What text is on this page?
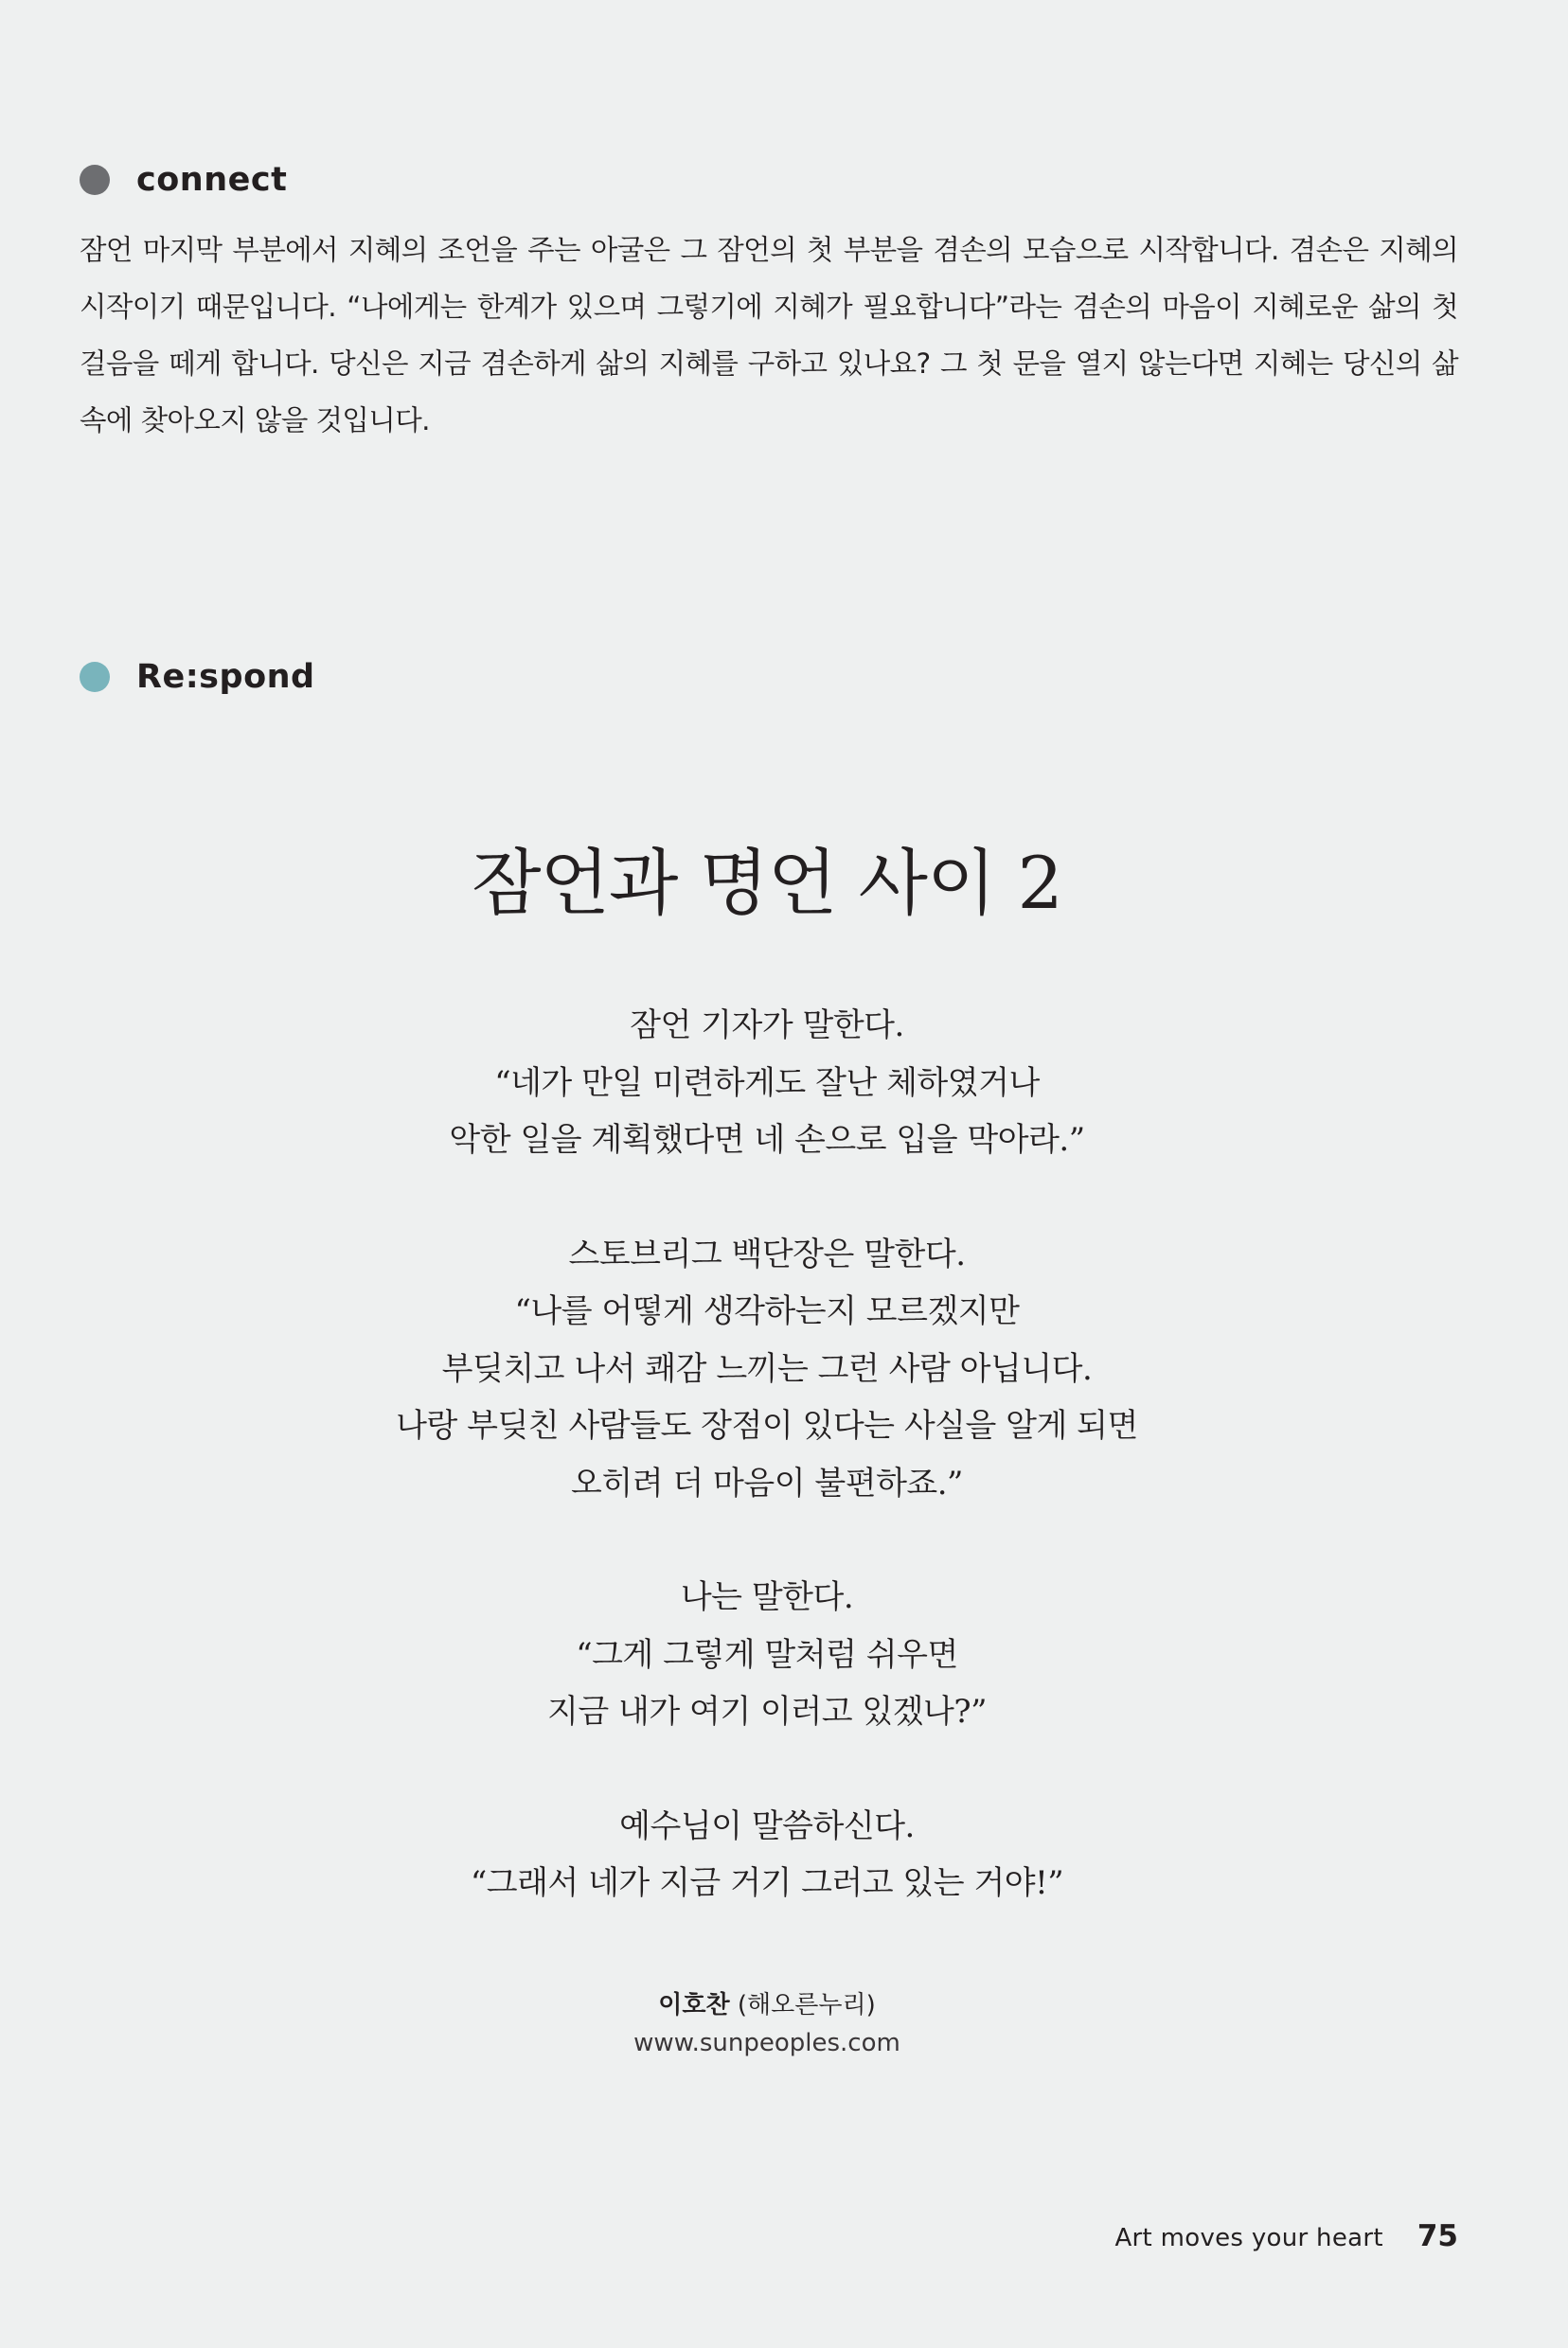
connect
잠언 마지막 부분에서 지혜의 조언을 주는 아굴은 그 잠언의 첫 부분을 겸손의 모습으로 시작합니다. 겸손은 지혜의 시작이기 때문입니다. “나에게는 한계가 있으며 그렇기에 지혜가 필요합니다”라는 겸손의 마음이 지혜로운 삶의 첫 걸음을 떼게 합니다. 당신은 지금 겸손하게 삶의 지혜를 구하고 있나요? 그 첫 문을 열지 않는다면 지혜는 당신의 삶 속에 찾아오지 않을 것입니다.
Re:spond
잠언과 명언 사이 2
잠언 기자가 말한다.
“네가 만일 미련하게도 잘난 체하였거나
악한 일을 계획했다면 네 손으로 입을 막아라.”
스토브리그 백단장은 말한다.
“나를 어떻게 생각하는지 모르겠지만
부딪치고 나서 쾌감 느끼는 그런 사람 아닙니다.
나랑 부딪친 사람들도 장점이 있다는 사실을 알게 되면
오히려 더 마음이 불편하죠.”
나는 말한다.
“그게 그렇게 말처럼 쉬우면
지금 내가 여기 이러고 있겠나?”
예수님이 말씀하신다.
“그래서 네가 지금 거기 그러고 있는 거야!”
이호찬 (해오른누리)
www.sunpeoples.com
Art moves your heart 75
